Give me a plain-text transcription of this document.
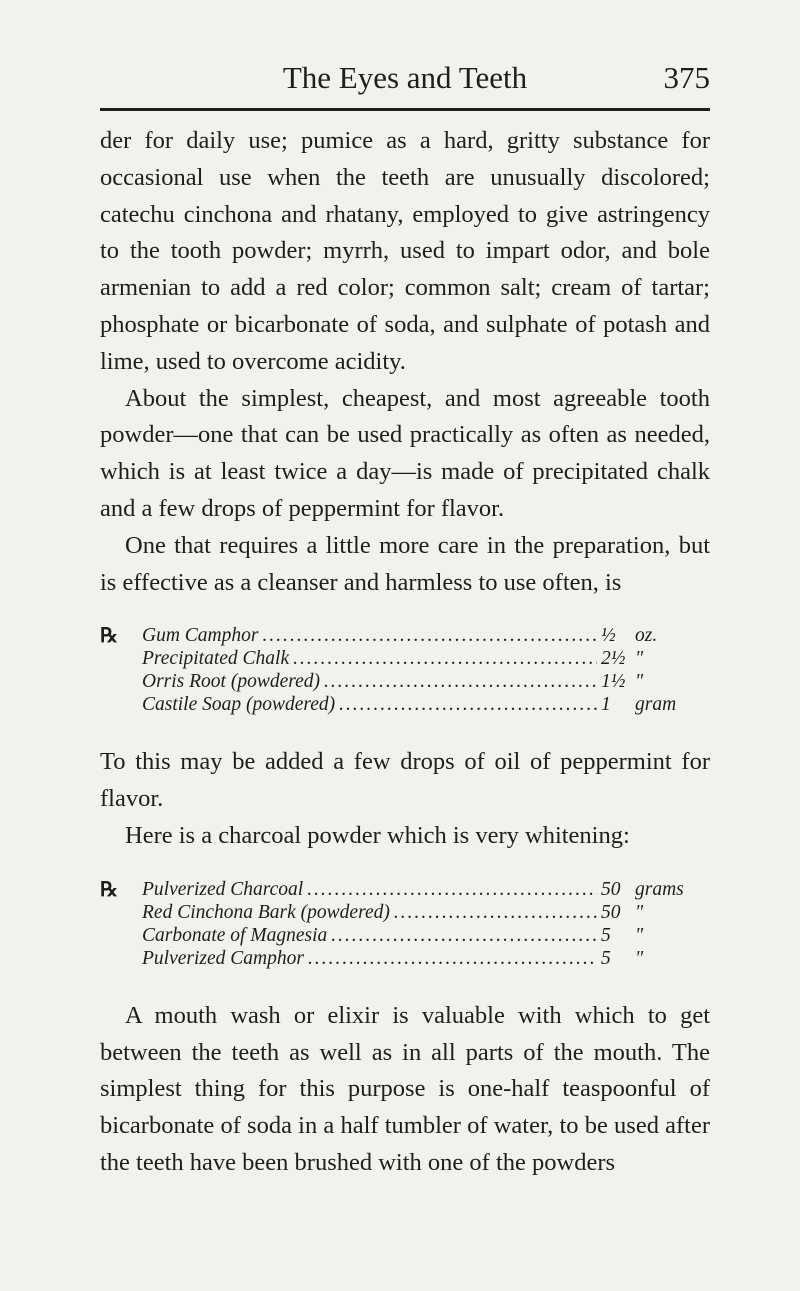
The Eyes and Teeth	375

der for daily use; pumice as a hard, gritty substance for occasional use when the teeth are unusually discolored; catechu cinchona and rhatany, employed to give astringency to the tooth powder; myrrh, used to impart odor, and bole armenian to add a red color; common salt; cream of tartar; phosphate or bicarbonate of soda, and sulphate of potash and lime, used to overcome acidity.

About the simplest, cheapest, and most agreeable tooth powder—one that can be used practically as often as needed, which is at least twice a day—is made of precipitated chalk and a few drops of peppermint for flavor.

One that requires a little more care in the preparation, but is effective as a cleanser and harmless to use often, is

℞ Gum Camphor .....	½ oz.
Precipitated Chalk .....	2½ "
Orris Root (powdered) .....	1½ "
Castile Soap (powdered) .....	1	gram

To this may be added a few drops of oil of peppermint for flavor.

Here is a charcoal powder which is very whitening:

℞ Pulverized Charcoal .....	50 grams
Red Cinchona Bark (powdered) .....	50 "
Carbonate of Magnesia .....	5	"
Pulverized Camphor .....	5	"

A mouth wash or elixir is valuable with which to get between the teeth as well as in all parts of the mouth. The simplest thing for this purpose is one-half teaspoonful of bicarbonate of soda in a half tumbler of water, to be used after the teeth have been brushed with one of the powders
